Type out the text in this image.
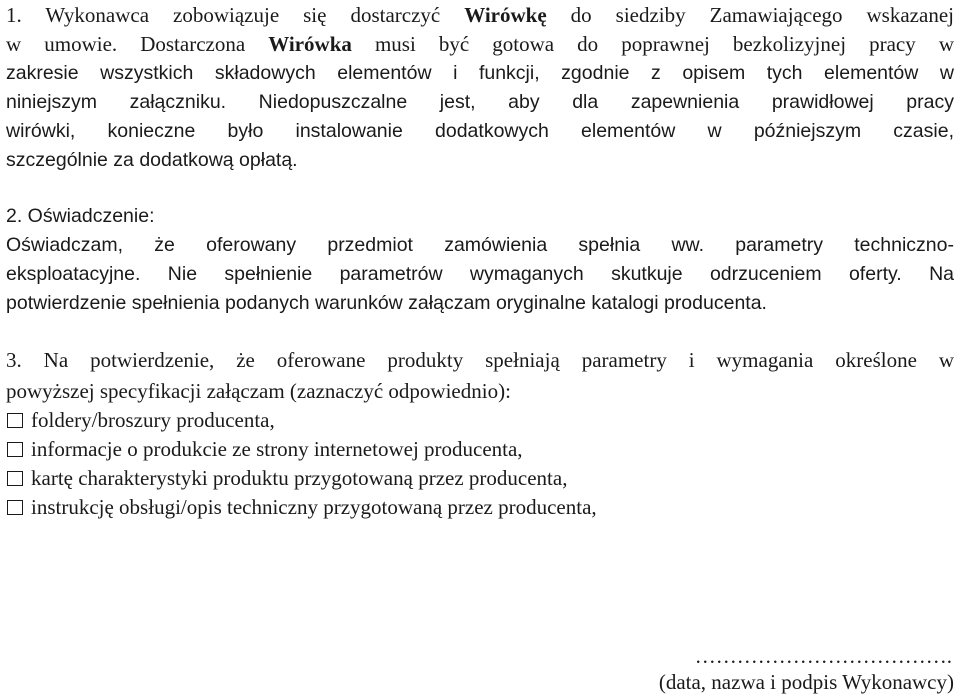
1. Wykonawca zobowiązuje się dostarczyć Wirówkę do siedziby Zamawiającego wskazanej
w umowie. Dostarczona Wirówka musi być gotowa do poprawnej bezkolizyjnej pracy w
zakresie wszystkich składowych elementów i funkcji, zgodnie z opisem tych elementów w
niniejszym załączniku. Niedopuszczalne jest, aby dla zapewnienia prawidłowej pracy
wirówki, konieczne było instalowanie dodatkowych elementów w późniejszym czasie,
szczególnie za dodatkową opłatą.
2. Oświadczenie:
Oświadczam, że oferowany przedmiot zamówienia spełnia ww. parametry techniczno-
eksploatacyjne. Nie spełnienie parametrów wymaganych skutkuje odrzuceniem oferty. Na
potwierdzenie spełnienia podanych warunków załączam oryginalne katalogi producenta.
3. Na potwierdzenie, że oferowane produkty spełniają parametry i wymagania określone w
powyższej specyfikacji załączam (zaznaczyć odpowiednio):
foldery/broszury producenta,
informacje o produkcie ze strony internetowej producenta,
kartę charakterystyki produktu przygotowaną przez producenta,
instrukcję obsługi/opis techniczny przygotowaną przez producenta,
……………………………….
(data, nazwa i podpis Wykonawcy)
